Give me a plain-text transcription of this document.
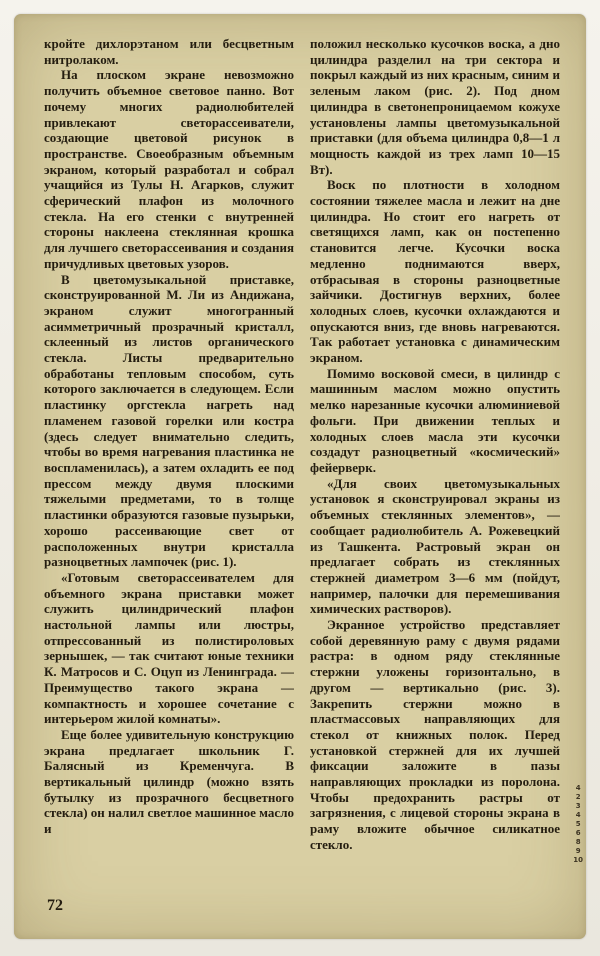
кройте дихлорэтаном или бесцветным нитролаком.

На плоском экране невозможно получить объемное световое панно. Вот почему многих радиолюбителей привлекают светорассеиватели, создающие цветовой рисунок в пространстве. Своеобразным объемным экраном, который разработал и собрал учащийся из Тулы Н. Агарков, служит сферический плафон из молочного стекла. На его стенки с внутренней стороны наклеена стеклянная крошка для лучшего светорассеивания и создания причудливых цветовых узоров.

В цветомузыкальной приставке, сконструированной М. Ли из Андижана, экраном служит многогранный асимметричный прозрачный кристалл, склеенный из листов органического стекла. Листы предварительно обработаны тепловым способом, суть которого заключается в следующем. Если пластинку оргстекла нагреть над пламенем газовой горелки или костра (здесь следует внимательно следить, чтобы во время нагревания пластинка не воспламенилась), а затем охладить ее под прессом между двумя плоскими тяжелыми предметами, то в толще пластинки образуются газовые пузырьки, хорошо рассеивающие свет от расположенных внутри кристалла разноцветных лампочек (рис. 1).

«Готовым светорассеивателем для объемного экрана приставки может служить цилиндрический плафон настольной лампы или люстры, отпрессованный из полистироловых зернышек, — так считают юные техники К. Матросов и С. Оцуп из Ленинграда. — Преимущество такого экрана — компактность и хорошее сочетание с интерьером жилой комнаты».

Еще более удивительную конструкцию экрана предлагает школьник Г. Балясный из Кременчуга. В вертикальный цилиндр (можно взять бутылку из прозрачного бесцветного стекла) он налил светлое машинное масло и

положил несколько кусочков воска, а дно цилиндра разделил на три сектора и покрыл каждый из них красным, синим и зеленым лаком (рис. 2). Под дном цилиндра в светонепроницаемом кожухе установлены лампы цветомузыкальной приставки (для объема цилиндра 0,8—1 л мощность каждой из трех ламп 10—15 Вт).

Воск по плотности в холодном состоянии тяжелее масла и лежит на дне цилиндра. Но стоит его нагреть от светящихся ламп, как он постепенно становится легче. Кусочки воска медленно поднимаются вверх, отбрасывая в стороны разноцветные зайчики. Достигнув верхних, более холодных слоев, кусочки охлаждаются и опускаются вниз, где вновь нагреваются. Так работает установка с динамическим экраном.

Помимо восковой смеси, в цилиндр с машинным маслом можно опустить мелко нарезанные кусочки алюминиевой фольги. При движении теплых и холодных слоев масла эти кусочки создадут разноцветный «космический» фейерверк.

«Для своих цветомузыкальных установок я сконструировал экраны из объемных стеклянных элементов», — сообщает радиолюбитель А. Рожевецкий из Ташкента. Растровый экран он предлагает собрать из стеклянных стержней диаметром 3—6 мм (пойдут, например, палочки для перемешивания химических растворов).

Экранное устройство представляет собой деревянную раму с двумя рядами растра: в одном ряду стеклянные стержни уложены горизонтально, в другом — вертикально (рис. 3). Закрепить стержни можно в пластмассовых направляющих для стекол от книжных полок. Перед установкой стержней для их лучшей фиксации заложите в пазы направляющих прокладки из поролона. Чтобы предохранить растры от загрязнения, с лицевой стороны экрана в раму вложите обычное силикатное стекло.

72
4
2
3
4
5
6
8
9
10
